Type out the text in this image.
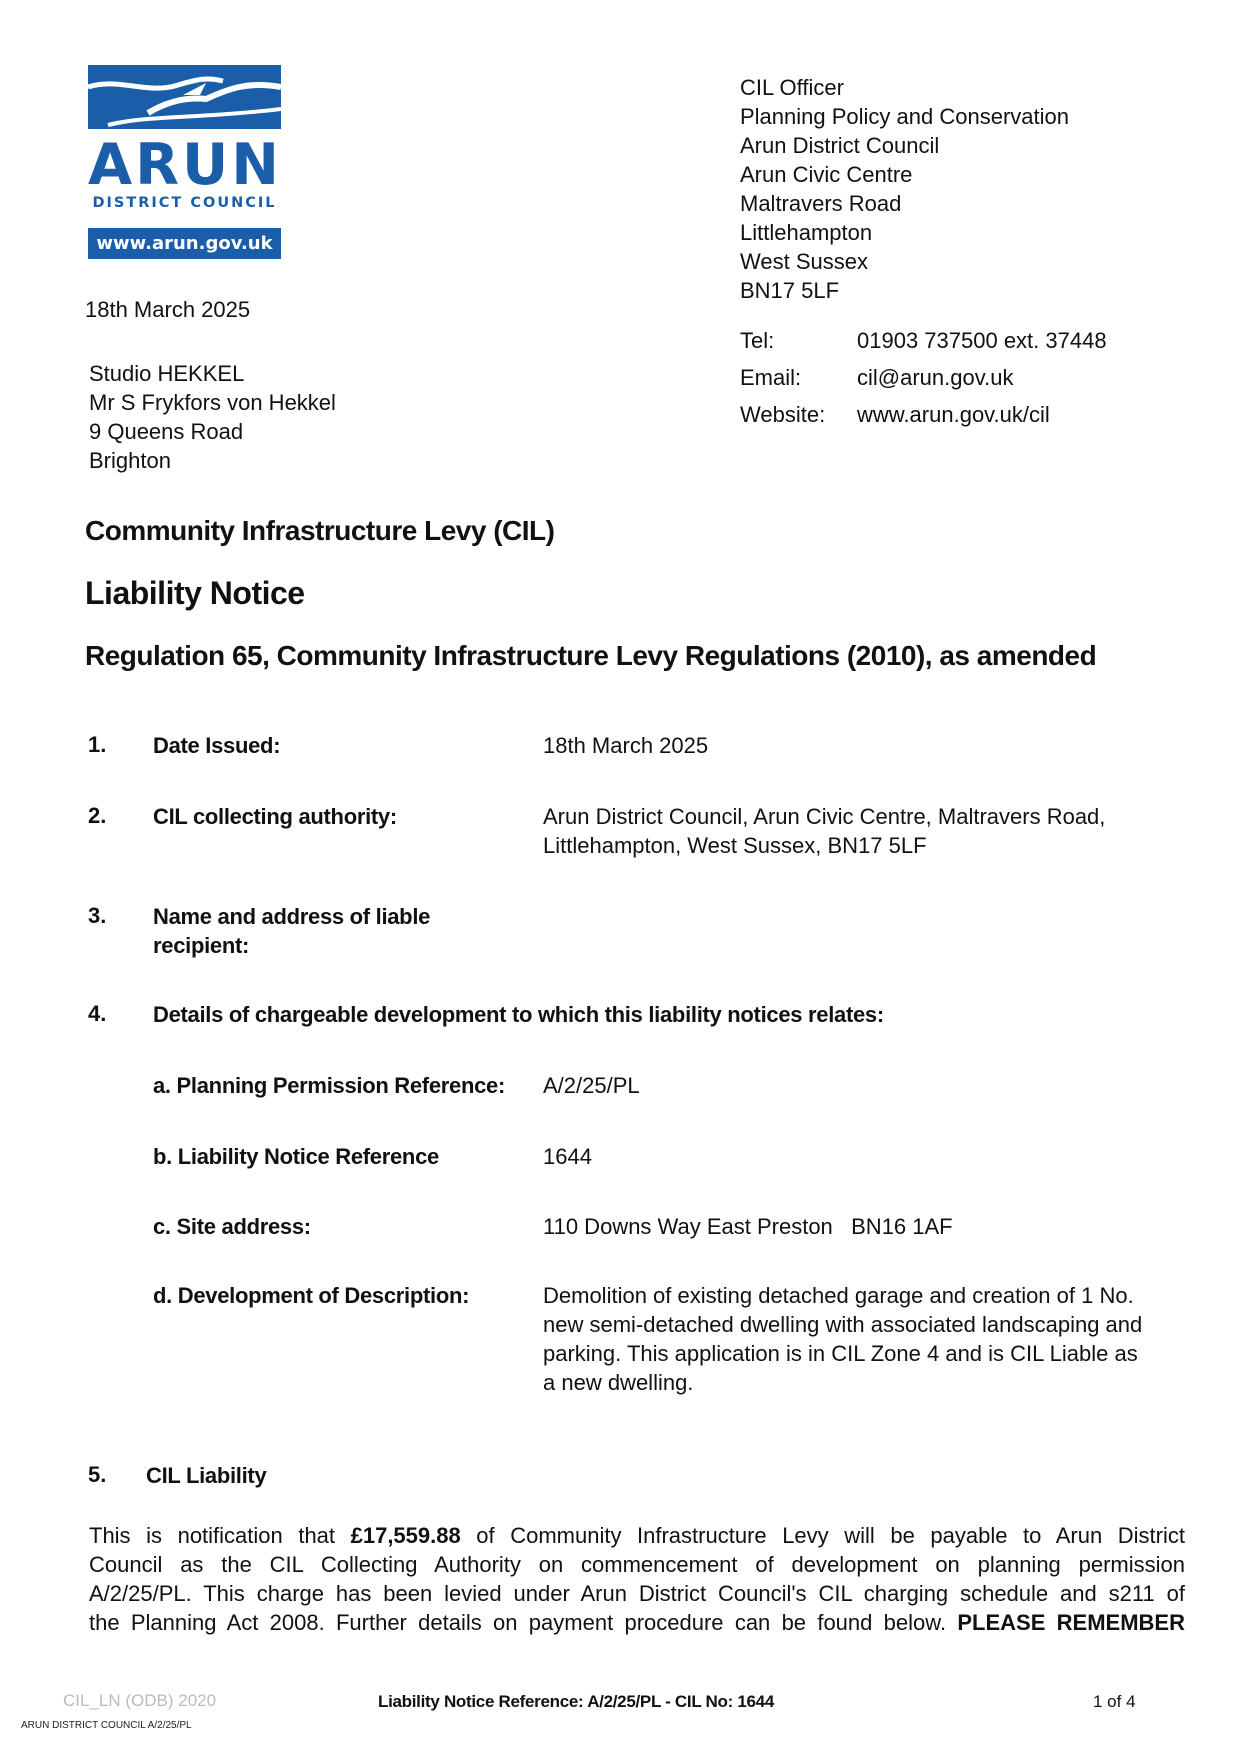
ARUN
DISTRICT COUNCIL
www.arun.gov.uk
CIL Officer
Planning Policy and Conservation
Arun District Council
Arun Civic Centre
Maltravers Road
Littlehampton
West Sussex
BN17 5LF
Tel:	01903 737500 ext. 37448
Email:	cil@arun.gov.uk
Website:	www.arun.gov.uk/cil
18th March 2025
Studio HEKKEL
Mr S Frykfors von Hekkel
9 Queens Road
Brighton
Community Infrastructure Levy (CIL)
Liability Notice
Regulation 65, Community Infrastructure Levy Regulations (2010), as amended
1. Date Issued:	18th March 2025
2. CIL collecting authority:	Arun District Council, Arun Civic Centre, Maltravers Road,
Littlehampton, West Sussex, BN17 5LF
3. Name and address of liable
recipient:
4. Details of chargeable development to which this liability notices relates:
a. Planning Permission Reference: A/2/25/PL
b. Liability Notice Reference	1644
c. Site address:	110 Downs Way East Preston   BN16 1AF
d. Development of Description:	Demolition of existing detached garage and creation of 1 No.
new semi-detached dwelling with associated landscaping and
parking. This application is in CIL Zone 4 and is CIL Liable as
a new dwelling.
5. CIL Liability
This is notification that £17,559.88 of Community Infrastructure Levy will be payable to Arun District
Council as the CIL Collecting Authority on commencement of development on planning permission
A/2/25/PL. This charge has been levied under Arun District Council's CIL charging schedule and s211 of
the Planning Act 2008. Further details on payment procedure can be found below. PLEASE REMEMBER
CIL_LN (ODB) 2020	Liability Notice Reference: A/2/25/PL - CIL No: 1644	1 of 4
ARUN DISTRICT COUNCIL A/2/25/PL
